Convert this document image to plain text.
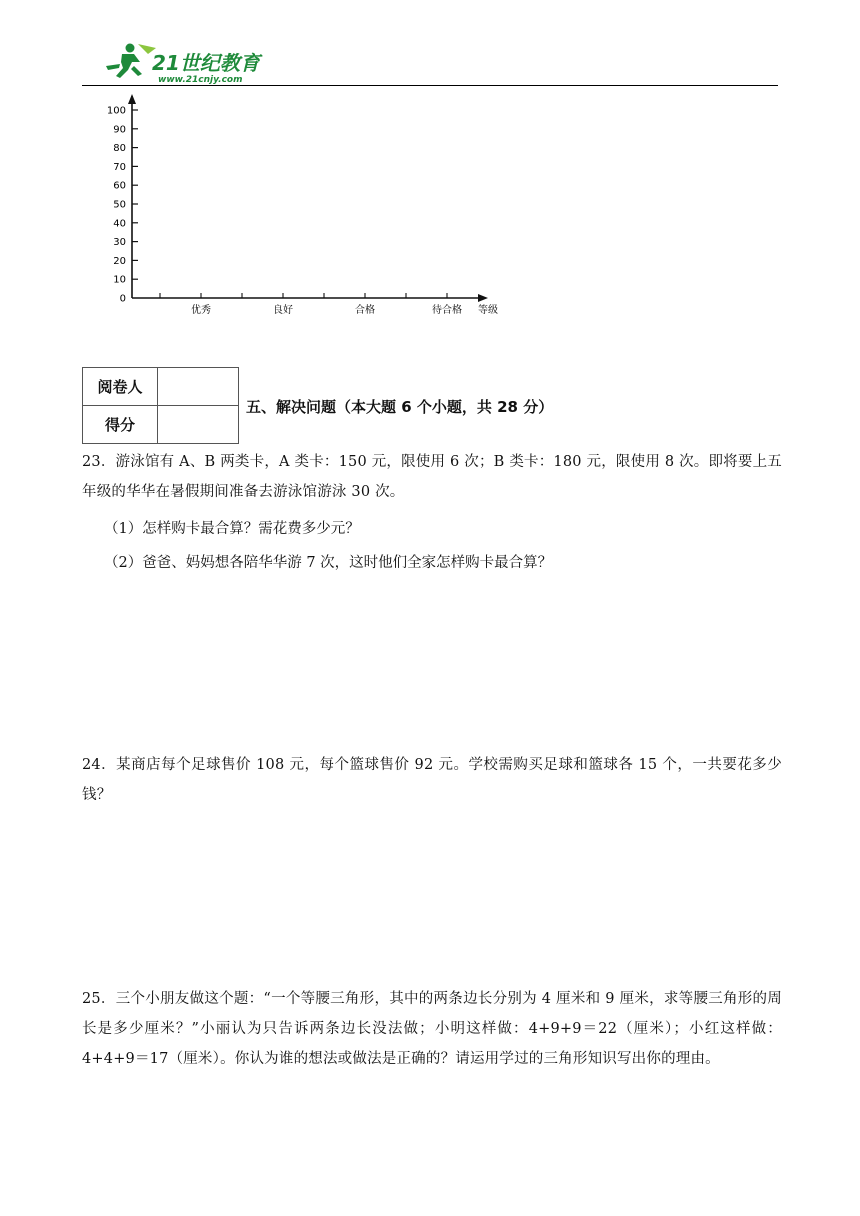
21世纪教育
www.21cnjy.com
0
10
20
30
40
50
60
70
80
90
100
优秀	良好	合格	待合格 等级
阅卷人	
得分	
五、解决问题（本大题 6 个小题，共 28 分）
23．游泳馆有 A、B 两类卡，A 类卡：150 元，限使用 6 次；B 类卡：180 元，限使用 8 次。即将要上五年级的华华在暑假期间准备去游泳馆游泳 30 次。
（1）怎样购卡最合算？需花费多少元？
（2）爸爸、妈妈想各陪华华游 7 次，这时他们全家怎样购卡最合算？
24．某商店每个足球售价 108 元，每个篮球售价 92 元。学校需购买足球和篮球各 15 个，一共要花多少钱？
25．三个小朋友做这个题：“一个等腰三角形，其中的两条边长分别为 4 厘米和 9 厘米，求等腰三角形的周长是多少厘米？”小丽认为只告诉两条边长没法做；小明这样做：4+9+9＝22（厘米）；小红这样做：4+4+9＝17（厘米）。你认为谁的想法或做法是正确的？请运用学过的三角形知识写出你的理由。
